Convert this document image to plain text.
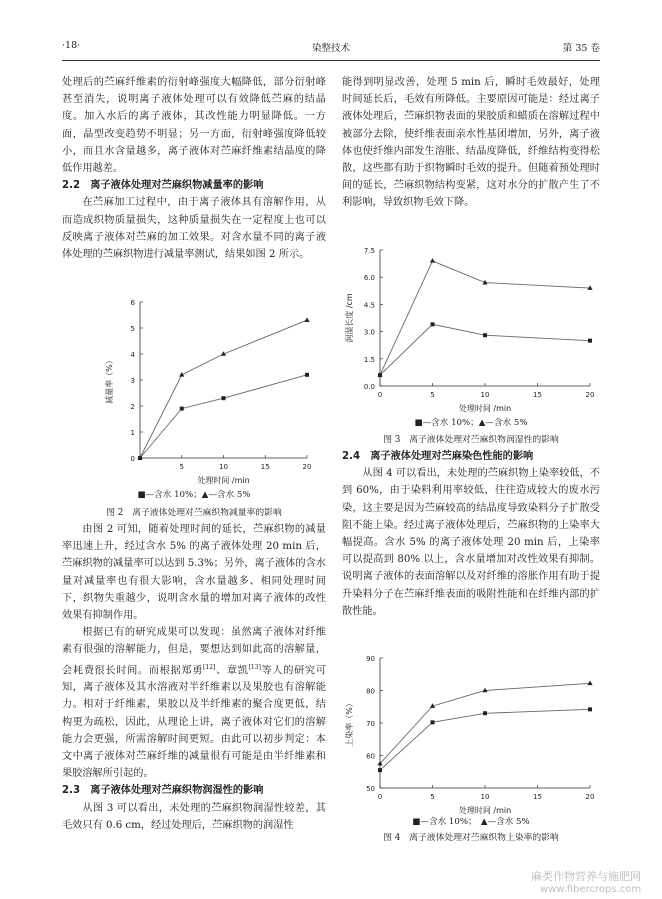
·18·	染整技术	第 35 卷

处理后的苎麻纤维素的衍射峰强度大幅降低，部分衍射峰甚至消失，说明离子液体处理可以有效降低苎麻的结晶度。加入水后的离子液体，其改性能力明显降低。一方面，晶型改变趋势不明显；另一方面，衍射峰强度降低较小，而且水含量越多，离子液体对苎麻纤维素结晶度的降低作用越差。

2.2　离子液体处理对苎麻织物减量率的影响

在苎麻加工过程中，由于离子液体具有溶解作用，从而造成织物质量损失，这种质量损失在一定程度上也可以反映离子液体对苎麻的加工效果。对含水量不同的离子液体处理的苎麻织物进行减量率测试，结果如图 2 所示。

0
1
2
3
4
5
6
5	10	15	20
处理时间 /min
减量率（%）
■—含水 10%；▲—含水 5%
图 2　离子液体处理对苎麻织物减量率的影响

由图 2 可知，随着处理时间的延长，苎麻织物的减量率迅速上升，经过含水 5% 的离子液体处理 20 min 后，苎麻织物的减量率可以达到 5.3%；另外，离子液体的含水量对减量率也有很大影响，含水量越多、相同处理时间下，织物失重越少，说明含水量的增加对离子液体的改性效果有抑制作用。

根据已有的研究成果可以发现：虽然离子液体对纤维素有很强的溶解能力，但是，要想达到如此高的溶解量，会耗费很长时间。而根据郑勇[12]、章凯[13]等人的研究可知，离子液体及其水溶液对半纤维素以及果胶也有溶解能力。相对于纤维素，果胶以及半纤维素的聚合度更低，结构更为疏松，因此，从理论上讲，离子液体对它们的溶解能力会更强，所需溶解时间更短。由此可以初步判定：本文中离子液体对苎麻纤维的减量很有可能是由半纤维素和果胶溶解所引起的。

2.3　离子液体处理对苎麻织物润湿性的影响

从图 3 可以看出，未处理的苎麻织物润湿性较差，其毛效只有 0.6 cm，经过处理后，苎麻织物的润湿性

能得到明显改善，处理 5 min 后，瞬时毛效最好，处理时间延长后，毛效有所降低。主要原因可能是：经过离子液体处理后，苎麻织物表面的果胶质和蜡质在溶解过程中被部分去除，使纤维表面亲水性基团增加，另外，离子液体也使纤维内部发生溶胀、结晶度降低，纤维结构变得松散，这些都有助于织物瞬时毛效的提升。但随着预处理时间的延长，苎麻织物结构变紧，这对水分的扩散产生了不利影响，导致织物毛效下降。

0.0
1.5
3.0
4.5
6.0
7.5
0	5	10	15	20
处理时间 /min
润湿长度 /cm
■—含水 10%；▲—含水 5%
图 3　离子液体处理对苎麻织物润湿性的影响

2.4　离子液体处理对苎麻染色性能的影响

从图 4 可以看出，未处理的苎麻织物上染率较低，不到 60%，由于染料利用率较低，往往造成较大的废水污染，这主要是因为苎麻较高的结晶度导致染料分子扩散受阻不能上染。经过离子液体处理后，苎麻织物的上染率大幅提高。含水 5% 的离子液体处理 20 min 后，上染率可以提高到 80% 以上，含水量增加对改性效果有抑制。说明离子液体的表面溶解以及对纤维的溶胀作用有助于提升染料分子在苎麻纤维表面的吸附性能和在纤维内部的扩散性能。

50
60
70
80
90
0	5	10	15	20
处理时间 /min
上染率（%）
■—含水 10%；　▲—含水 5%
图 4　离子液体处理对苎麻织物上染率的影响
麻类作物营养与施肥网
www.fibercrops.com
